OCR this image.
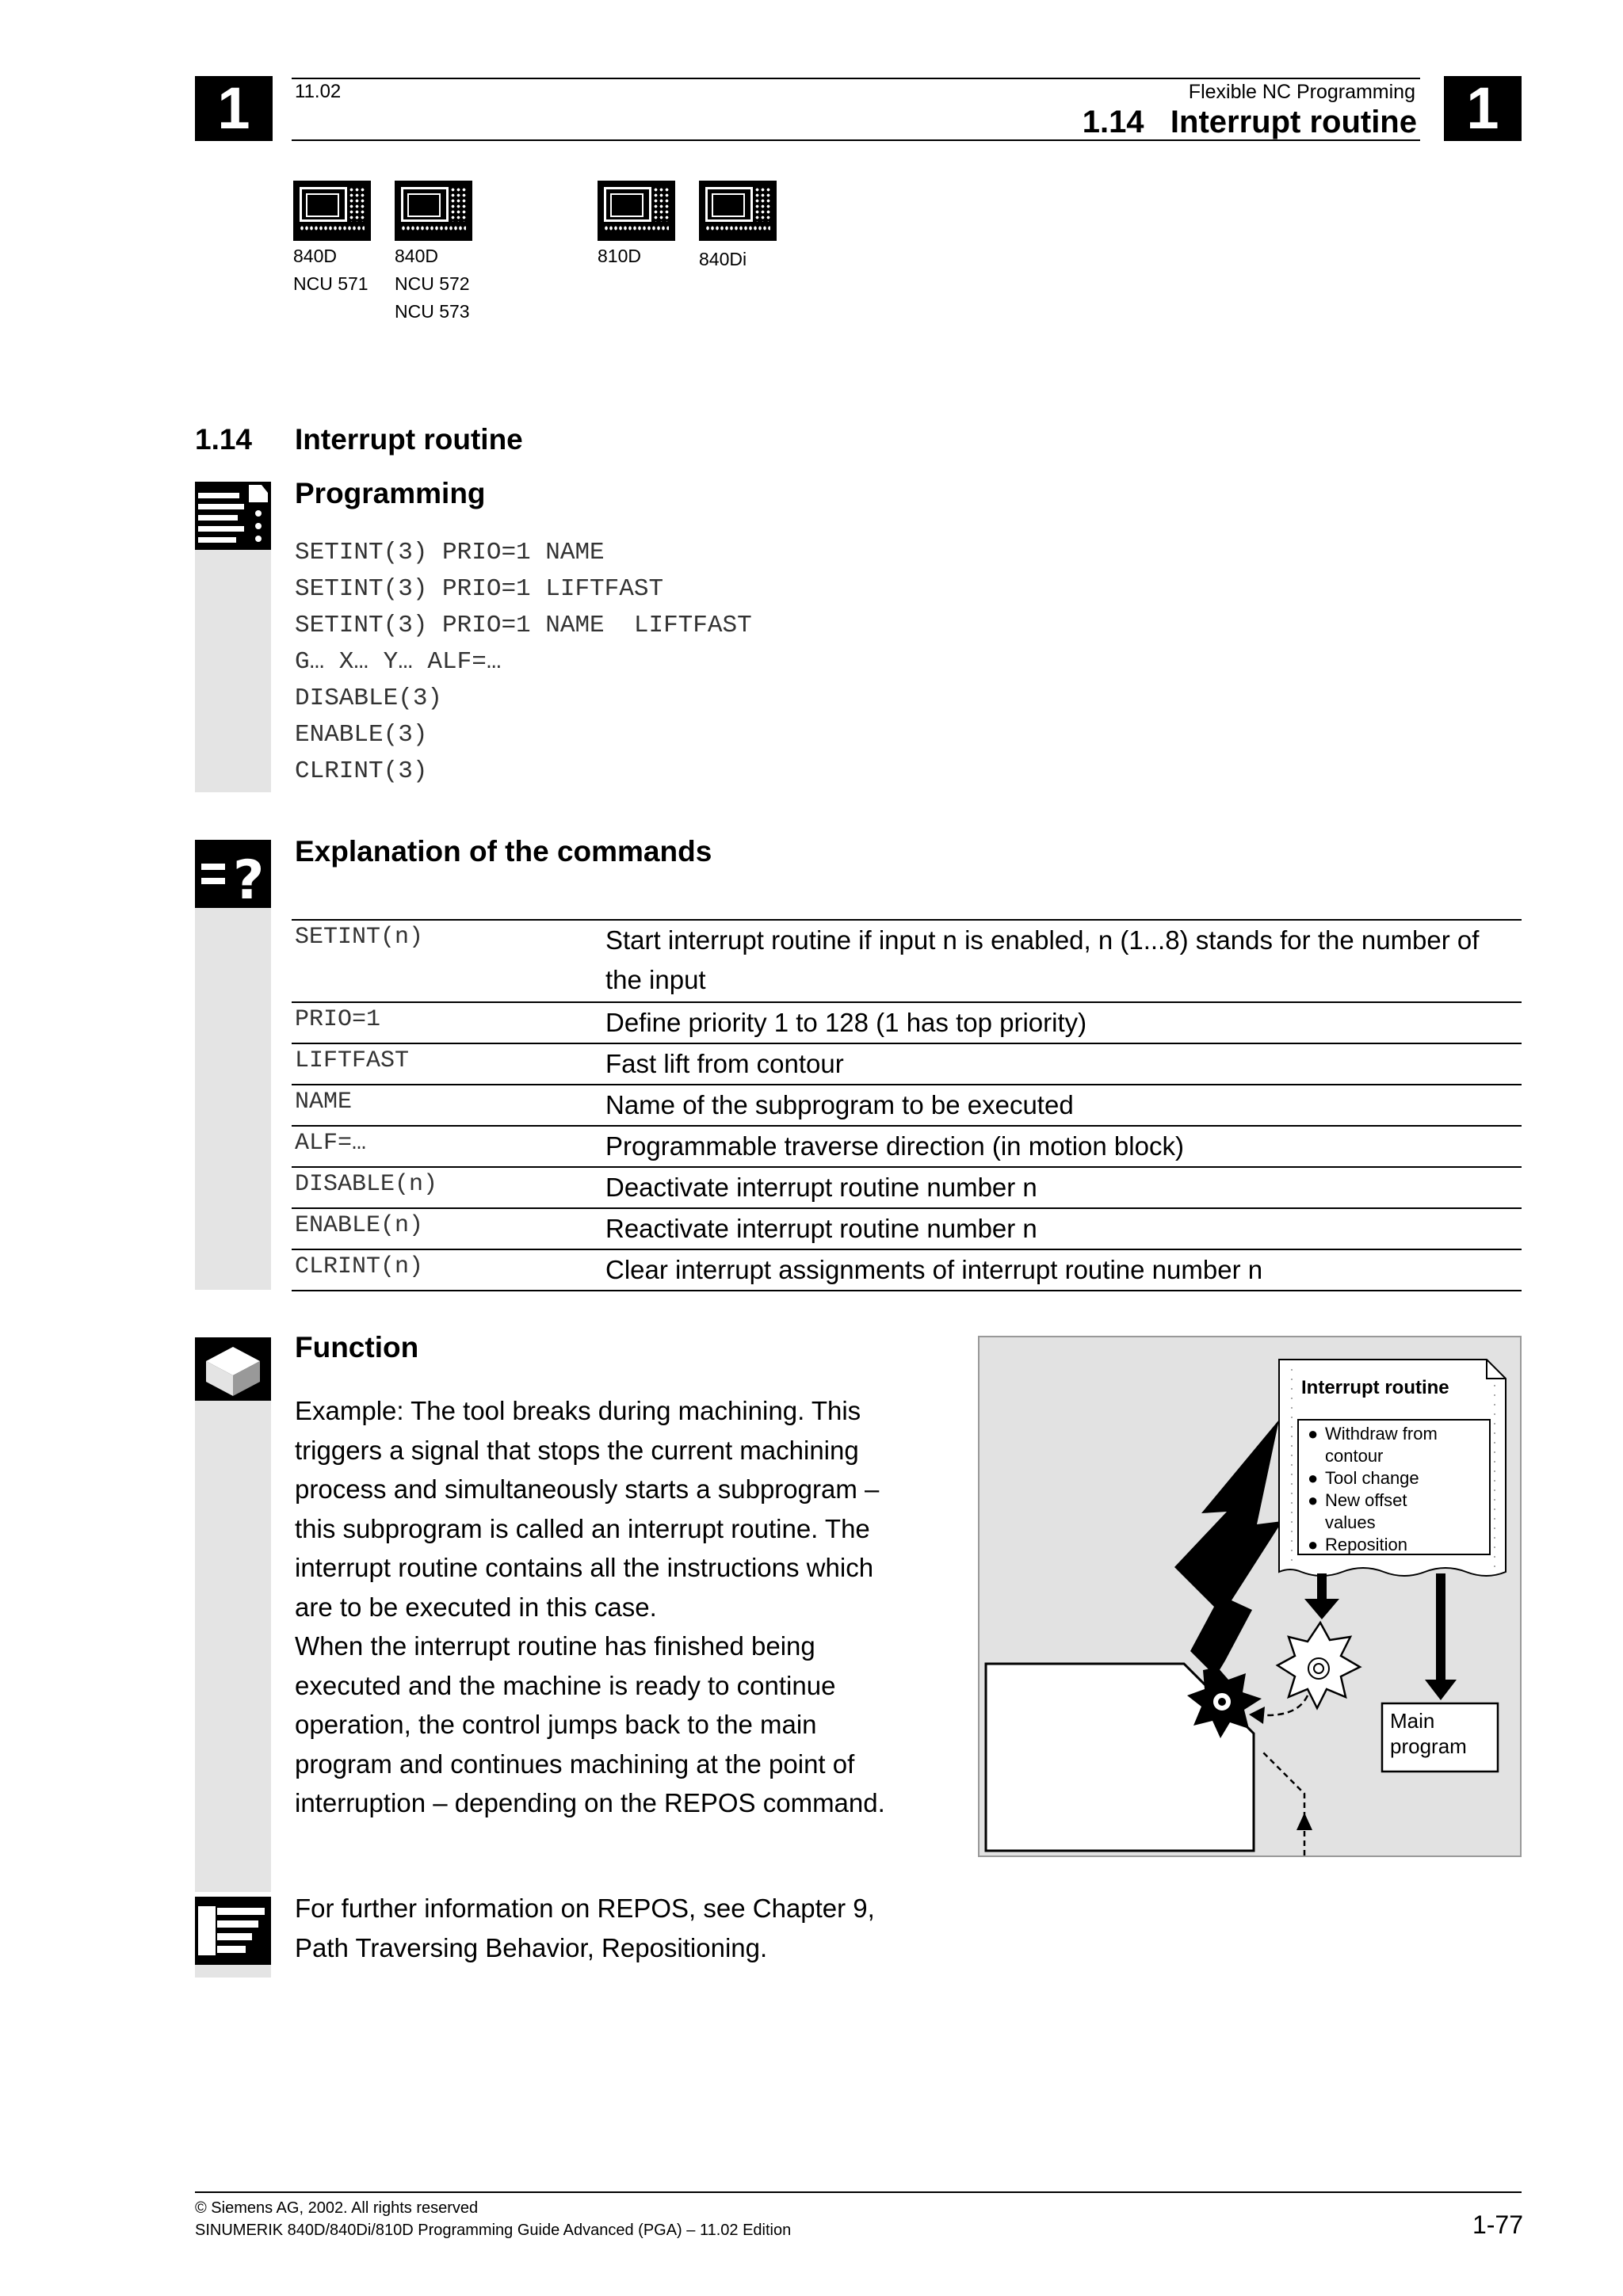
1	1
11.02	Flexible NC Programming
1.14   Interrupt routine
840D
NCU 571
840D
NCU 572
NCU 573
810D	840Di
1.14 Interrupt routine
Programming
SETINT(3) PRIO=1 NAME
SETINT(3) PRIO=1 LIFTFAST
SETINT(3) PRIO=1 NAME  LIFTFAST
G… X… Y… ALF=…
DISABLE(3)
ENABLE(3)
CLRINT(3)
? Explanation of the commands
SETINT(n)	Start interrupt routine if input n is enabled, n (1...8) stands for the number of the input
PRIO=1	Define priority 1 to 128 (1 has top priority)
LIFTFAST	Fast lift from contour
NAME	Name of the subprogram to be executed
ALF=…	Programmable traverse direction (in motion block)
DISABLE(n)	Deactivate interrupt routine number n
ENABLE(n)	Reactivate interrupt routine number n
CLRINT(n)	Clear interrupt assignments of interrupt routine number n
Function
Example: The tool breaks during machining. This
triggers a signal that stops the current machining
process and simultaneously starts a subprogram –
this subprogram is called an interrupt routine. The
interrupt routine contains all the instructions which
are to be executed in this case.
When the interrupt routine has finished being
executed and the machine is ready to continue
operation, the control jumps back to the main
program and continues machining at the point of
interruption – depending on the REPOS command.
Interrupt routine
● Withdraw from contour
● Tool change
● New offset values
● Reposition
Main program
For further information on REPOS, see Chapter 9,
Path Traversing Behavior, Repositioning.
© Siemens AG, 2002. All rights reserved
SINUMERIK 840D/840Di/810D Programming Guide Advanced (PGA) – 11.02 Edition	1-77
